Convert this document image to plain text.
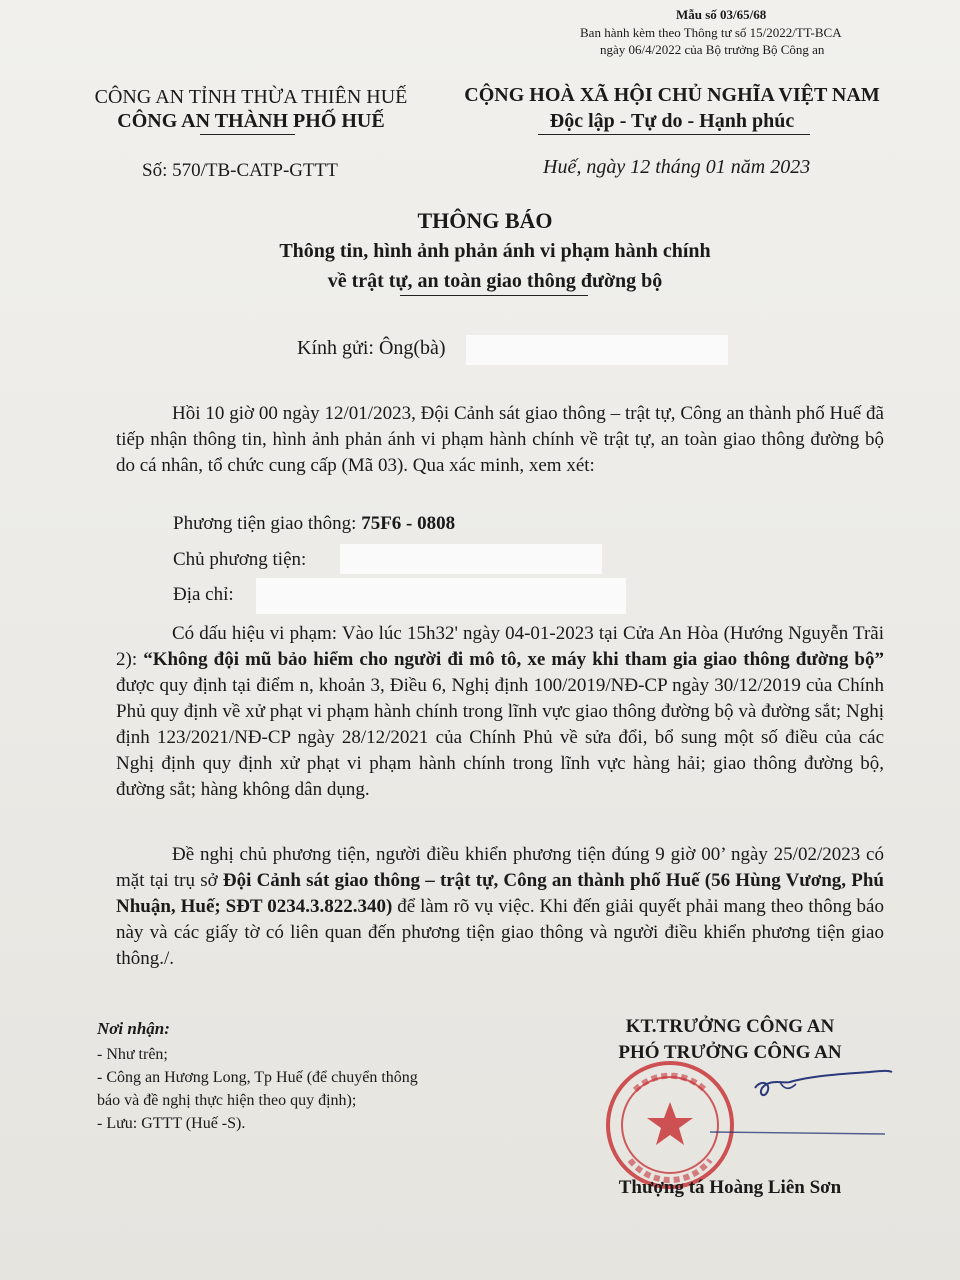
Mẫu số 03/65/68
Ban hành kèm theo Thông tư số 15/2022/TT-BCA
ngày 06/4/2022 của Bộ trưởng Bộ Công an
CÔNG AN TỈNH THỪA THIÊN HUẾ
CÔNG AN THÀNH PHỐ HUẾ
Số: 570/TB-CATP-GTTT
CỘNG HOÀ XÃ HỘI CHỦ NGHĨA VIỆT NAM
Độc lập - Tự do - Hạnh phúc
Huế, ngày 12 tháng 01 năm 2023
THÔNG BÁO
Thông tin, hình ảnh phản ánh vi phạm hành chính
về trật tự, an toàn giao thông đường bộ
Kính gửi: Ông(bà)
Hồi 10 giờ 00 ngày 12/01/2023, Đội Cảnh sát giao thông – trật tự, Công an thành phố Huế đã tiếp nhận thông tin, hình ảnh phản ánh vi phạm hành chính về trật tự, an toàn giao thông đường bộ do cá nhân, tổ chức cung cấp (Mã 03). Qua xác minh, xem xét:
Phương tiện giao thông: 75F6 - 0808
Chủ phương tiện:
Địa chỉ:
Có dấu hiệu vi phạm: Vào lúc 15h32' ngày 04-01-2023 tại Cửa An Hòa (Hướng Nguyễn Trãi 2): “Không đội mũ bảo hiểm cho người đi mô tô, xe máy khi tham gia giao thông đường bộ” được quy định tại điểm n, khoản 3, Điều 6, Nghị định 100/2019/NĐ-CP ngày 30/12/2019 của Chính Phủ quy định về xử phạt vi phạm hành chính trong lĩnh vực giao thông đường bộ và đường sắt; Nghị định 123/2021/NĐ-CP ngày 28/12/2021 của Chính Phủ về sửa đổi, bổ sung một số điều của các Nghị định quy định xử phạt vi phạm hành chính trong lĩnh vực hàng hải; giao thông đường bộ, đường sắt; hàng không dân dụng.
Đề nghị chủ phương tiện, người điều khiển phương tiện đúng 9 giờ 00’ ngày 25/02/2023 có mặt tại trụ sở Đội Cảnh sát giao thông – trật tự, Công an thành phố Huế (56 Hùng Vương, Phú Nhuận, Huế; SĐT 0234.3.822.340) để làm rõ vụ việc. Khi đến giải quyết phải mang theo thông báo này và các giấy tờ có liên quan đến phương tiện giao thông và người điều khiển phương tiện giao thông./.
Nơi nhận:
- Như trên;
- Công an Hương Long, Tp Huế (để chuyển thông
báo và đề nghị thực hiện theo quy định);
- Lưu: GTTT (Huế -S).
KT.TRƯỞNG CÔNG AN
PHÓ TRƯỞNG CÔNG AN
Thượng tá Hoàng Liên Sơn
